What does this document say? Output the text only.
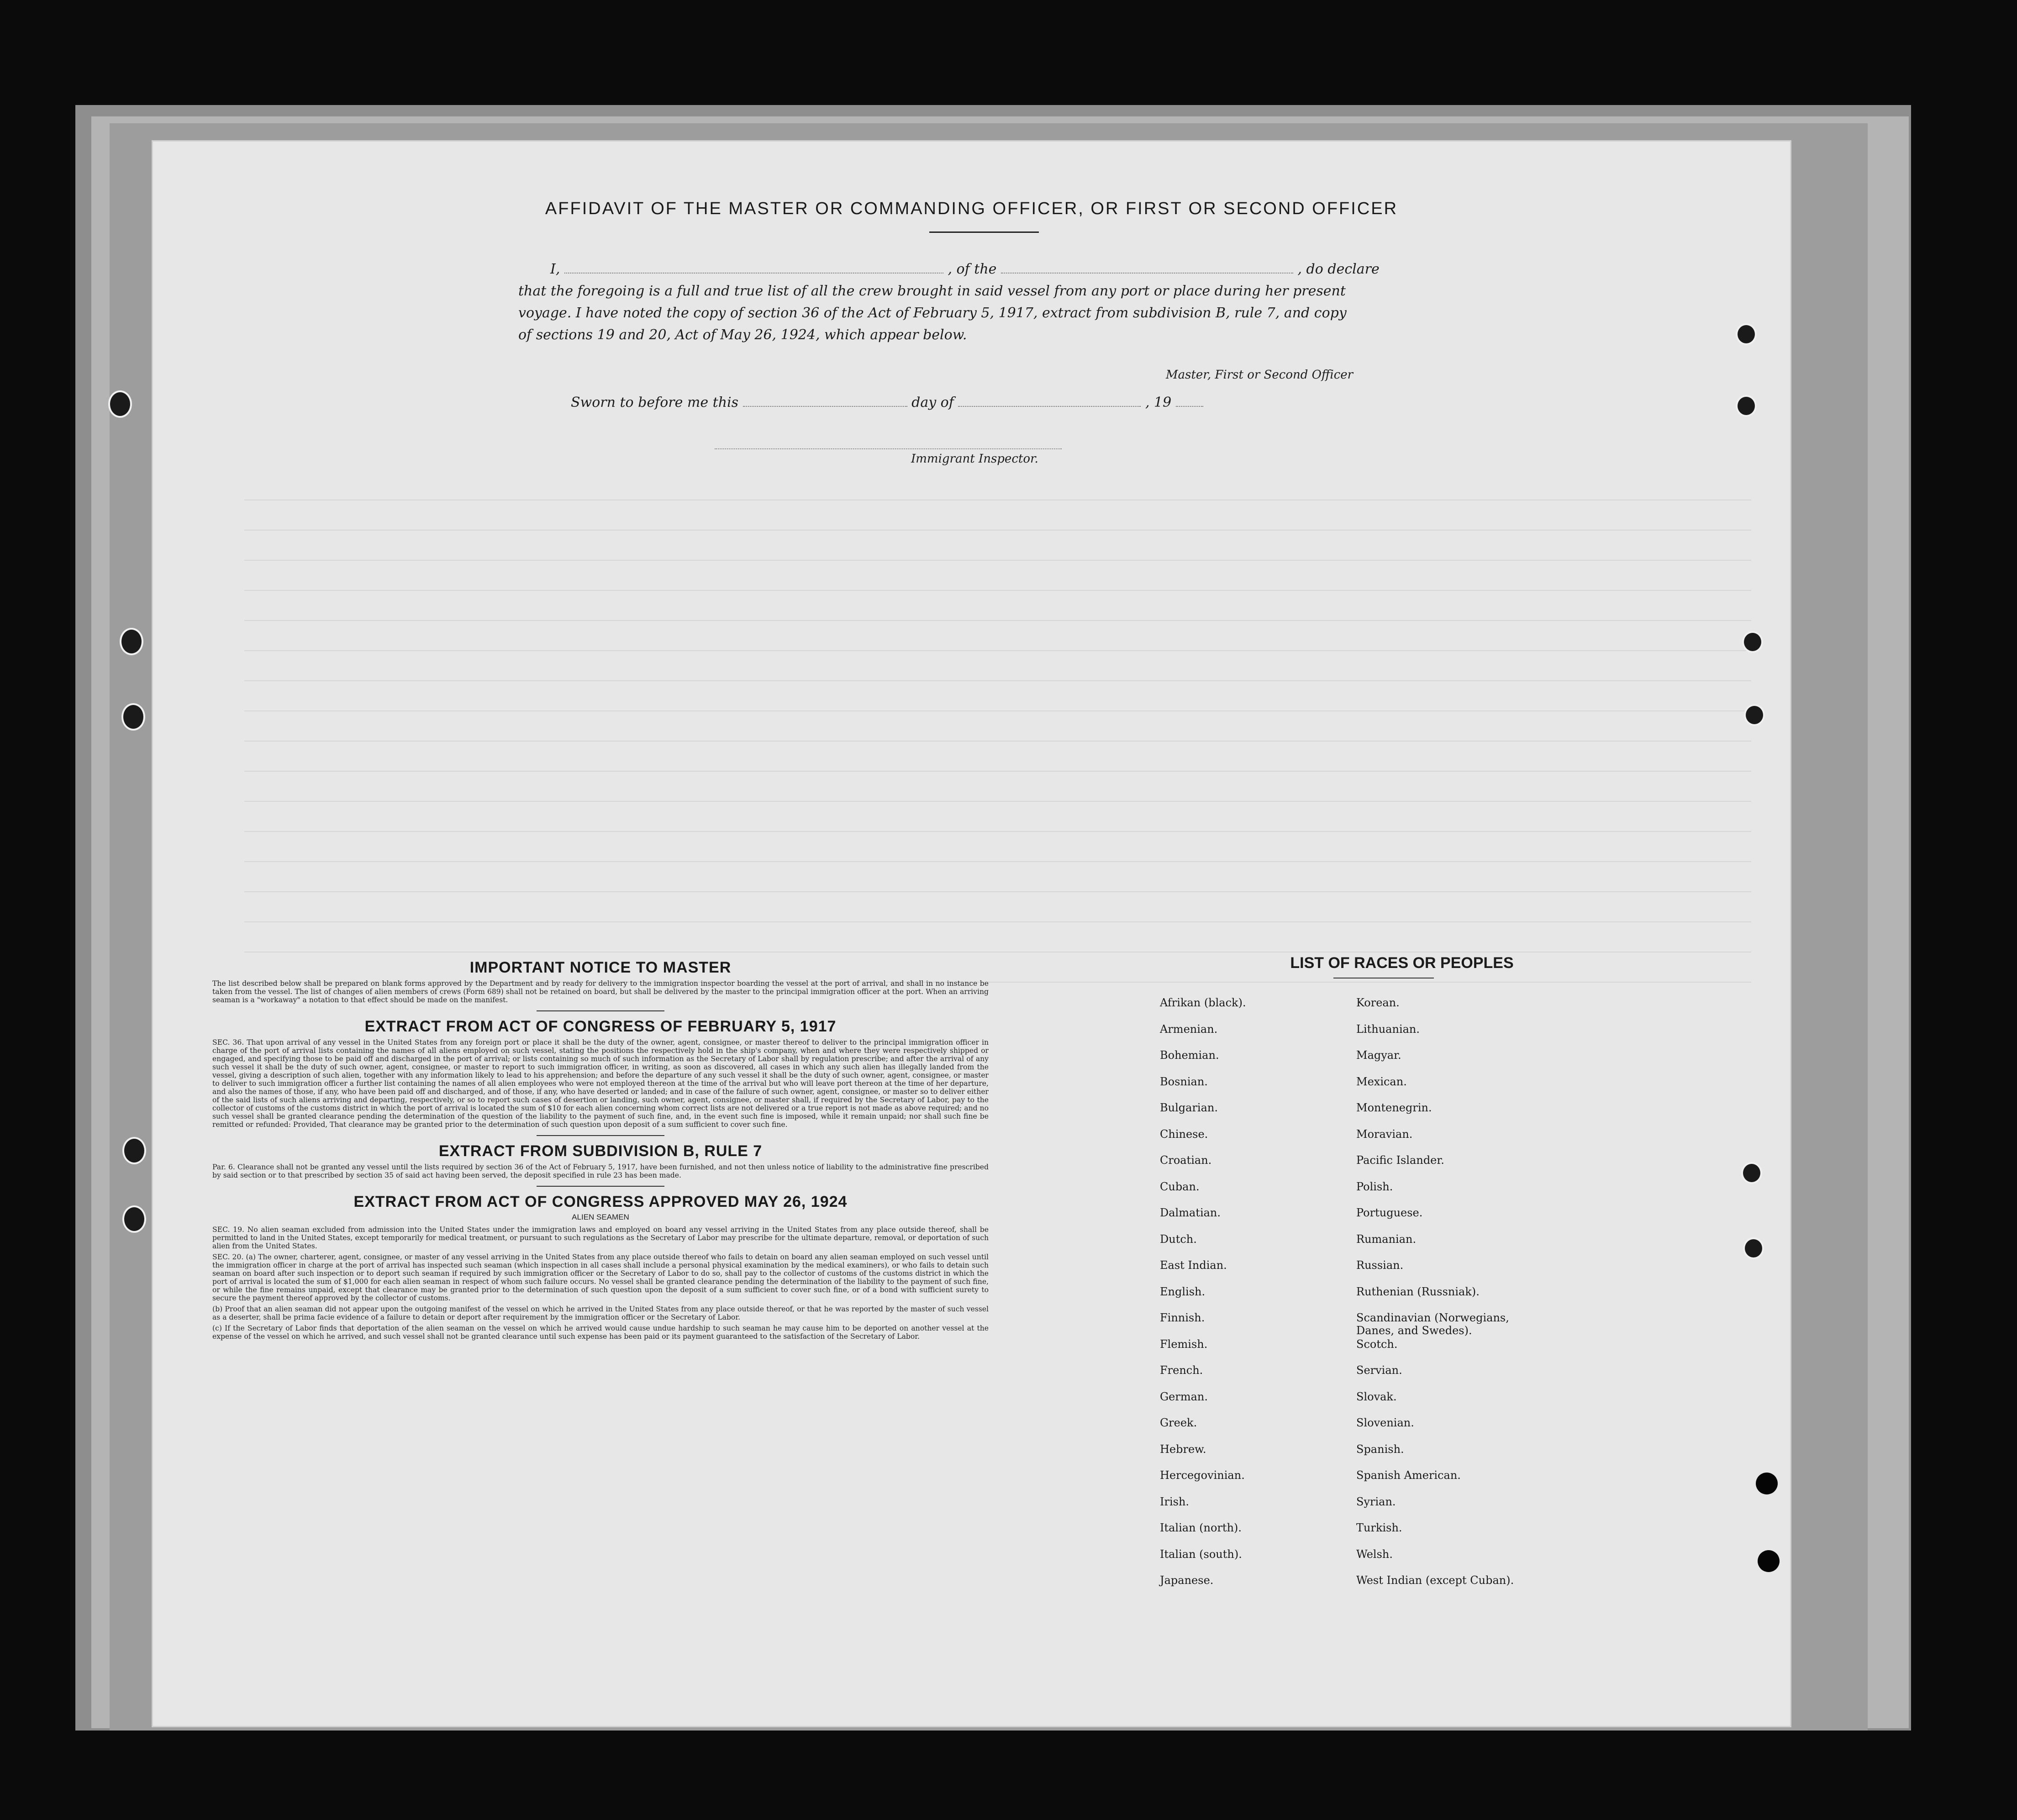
AFFIDAVIT OF THE MASTER OR COMMANDING OFFICER, OR FIRST OR SECOND OFFICER
I,	, of the	, do declare
that the foregoing is a full and true list of all the crew brought in said vessel from any port or place during her present
voyage. I have noted the copy of section 36 of the Act of February 5, 1917, extract from subdivision B, rule 7, and copy
of sections 19 and 20, Act of May 26, 1924, which appear below.
Master, First or Second Officer
Sworn to before me this	day of	, 19
Immigrant Inspector.
IMPORTANT NOTICE TO MASTER

The list described below shall be prepared on blank forms approved by the Department and by ready for delivery to the immigration inspector boarding the vessel at the port of arrival, and shall in no instance be taken from the vessel. The list of changes of alien members of crews (Form 689) shall not be retained on board, but shall be delivered by the master to the principal immigration officer at the port. When an arriving seaman is a "workaway" a notation to that effect should be made on the manifest.

EXTRACT FROM ACT OF CONGRESS OF FEBRUARY 5, 1917

SEC. 36. That upon arrival of any vessel in the United States from any foreign port or place it shall be the duty of the owner, agent, consignee, or master thereof to deliver to the principal immigration officer in charge of the port of arrival lists containing the names of all aliens employed on such vessel, stating the positions the respectively hold in the ship's company, when and where they were respectively shipped or engaged, and specifying those to be paid off and discharged in the port of arrival; or lists containing so much of such information as the Secretary of Labor shall by regulation prescribe; and after the arrival of any such vessel it shall be the duty of such owner, agent, consignee, or master to report to such immigration officer, in writing, as soon as discovered, all cases in which any such alien has illegally landed from the vessel, giving a description of such alien, together with any information likely to lead to his apprehension; and before the departure of any such vessel it shall be the duty of such owner, agent, consignee, or master to deliver to such immigration officer a further list containing the names of all alien employees who were not employed thereon at the time of the arrival but who will leave port thereon at the time of her departure, and also the names of those, if any, who have been paid off and discharged, and of those, if any, who have deserted or landed; and in case of the failure of such owner, agent, consignee, or master so to deliver either of the said lists of such aliens arriving and departing, respectively, or so to report such cases of desertion or landing, such owner, agent, consignee, or master shall, if required by the Secretary of Labor, pay to the collector of customs of the customs district in which the port of arrival is located the sum of $10 for each alien concerning whom correct lists are not delivered or a true report is not made as above required; and no such vessel shall be granted clearance pending the determination of the question of the liability to the payment of such fine, and, in the event such fine is imposed, while it remain unpaid; nor shall such fine be remitted or refunded: Provided, That clearance may be granted prior to the determination of such question upon deposit of a sum sufficient to cover such fine.

EXTRACT FROM SUBDIVISION B, RULE 7

Par. 6. Clearance shall not be granted any vessel until the lists required by section 36 of the Act of February 5, 1917, have been furnished, and not then unless notice of liability to the administrative fine prescribed by said section or to that prescribed by section 35 of said act having been served, the deposit specified in rule 23 has been made.

EXTRACT FROM ACT OF CONGRESS APPROVED MAY 26, 1924
ALIEN SEAMEN

SEC. 19. No alien seaman excluded from admission into the United States under the immigration laws and employed on board any vessel arriving in the United States from any place outside thereof, shall be permitted to land in the United States, except temporarily for medical treatment, or pursuant to such regulations as the Secretary of Labor may prescribe for the ultimate departure, removal, or deportation of such alien from the United States.

SEC. 20. (a) The owner, charterer, agent, consignee, or master of any vessel arriving in the United States from any place outside thereof who fails to detain on board any alien seaman employed on such vessel until the immigration officer in charge at the port of arrival has inspected such seaman (which inspection in all cases shall include a personal physical examination by the medical examiners), or who fails to detain such seaman on board after such inspection or to deport such seaman if required by such immigration officer or the Secretary of Labor to do so, shall pay to the collector of customs of the customs district in which the port of arrival is located the sum of $1,000 for each alien seaman in respect of whom such failure occurs. No vessel shall be granted clearance pending the determination of the liability to the payment of such fine, or while the fine remains unpaid, except that clearance may be granted prior to the determination of such question upon the deposit of a sum sufficient to cover such fine, or of a bond with sufficient surety to secure the payment thereof approved by the collector of customs.

(b) Proof that an alien seaman did not appear upon the outgoing manifest of the vessel on which he arrived in the United States from any place outside thereof, or that he was reported by the master of such vessel as a deserter, shall be prima facie evidence of a failure to detain or deport after requirement by the immigration officer or the Secretary of Labor.

(c) If the Secretary of Labor finds that deportation of the alien seaman on the vessel on which he arrived would cause undue hardship to such seaman he may cause him to be deported on another vessel at the expense of the vessel on which he arrived, and such vessel shall not be granted clearance until such expense has been paid or its payment guaranteed to the satisfaction of the Secretary of Labor.

LIST OF RACES OR PEOPLES
Afrikan (black).
Armenian.
Bohemian.
Bosnian.
Bulgarian.
Chinese.
Croatian.
Cuban.
Dalmatian.
Dutch.
East Indian.
English.
Finnish.
Flemish.
French.
German.
Greek.
Hebrew.
Hercegovinian.
Irish.
Italian (north).
Italian (south).
Japanese.
Korean.
Lithuanian.
Magyar.
Mexican.
Montenegrin.
Moravian.
Pacific Islander.
Polish.
Portuguese.
Rumanian.
Russian.
Ruthenian (Russniak).
Scandinavian (Norwegians,
Danes, and Swedes).
Scotch.
Servian.
Slovak.
Slovenian.
Spanish.
Spanish American.
Syrian.
Turkish.
Welsh.
West Indian (except Cuban).
